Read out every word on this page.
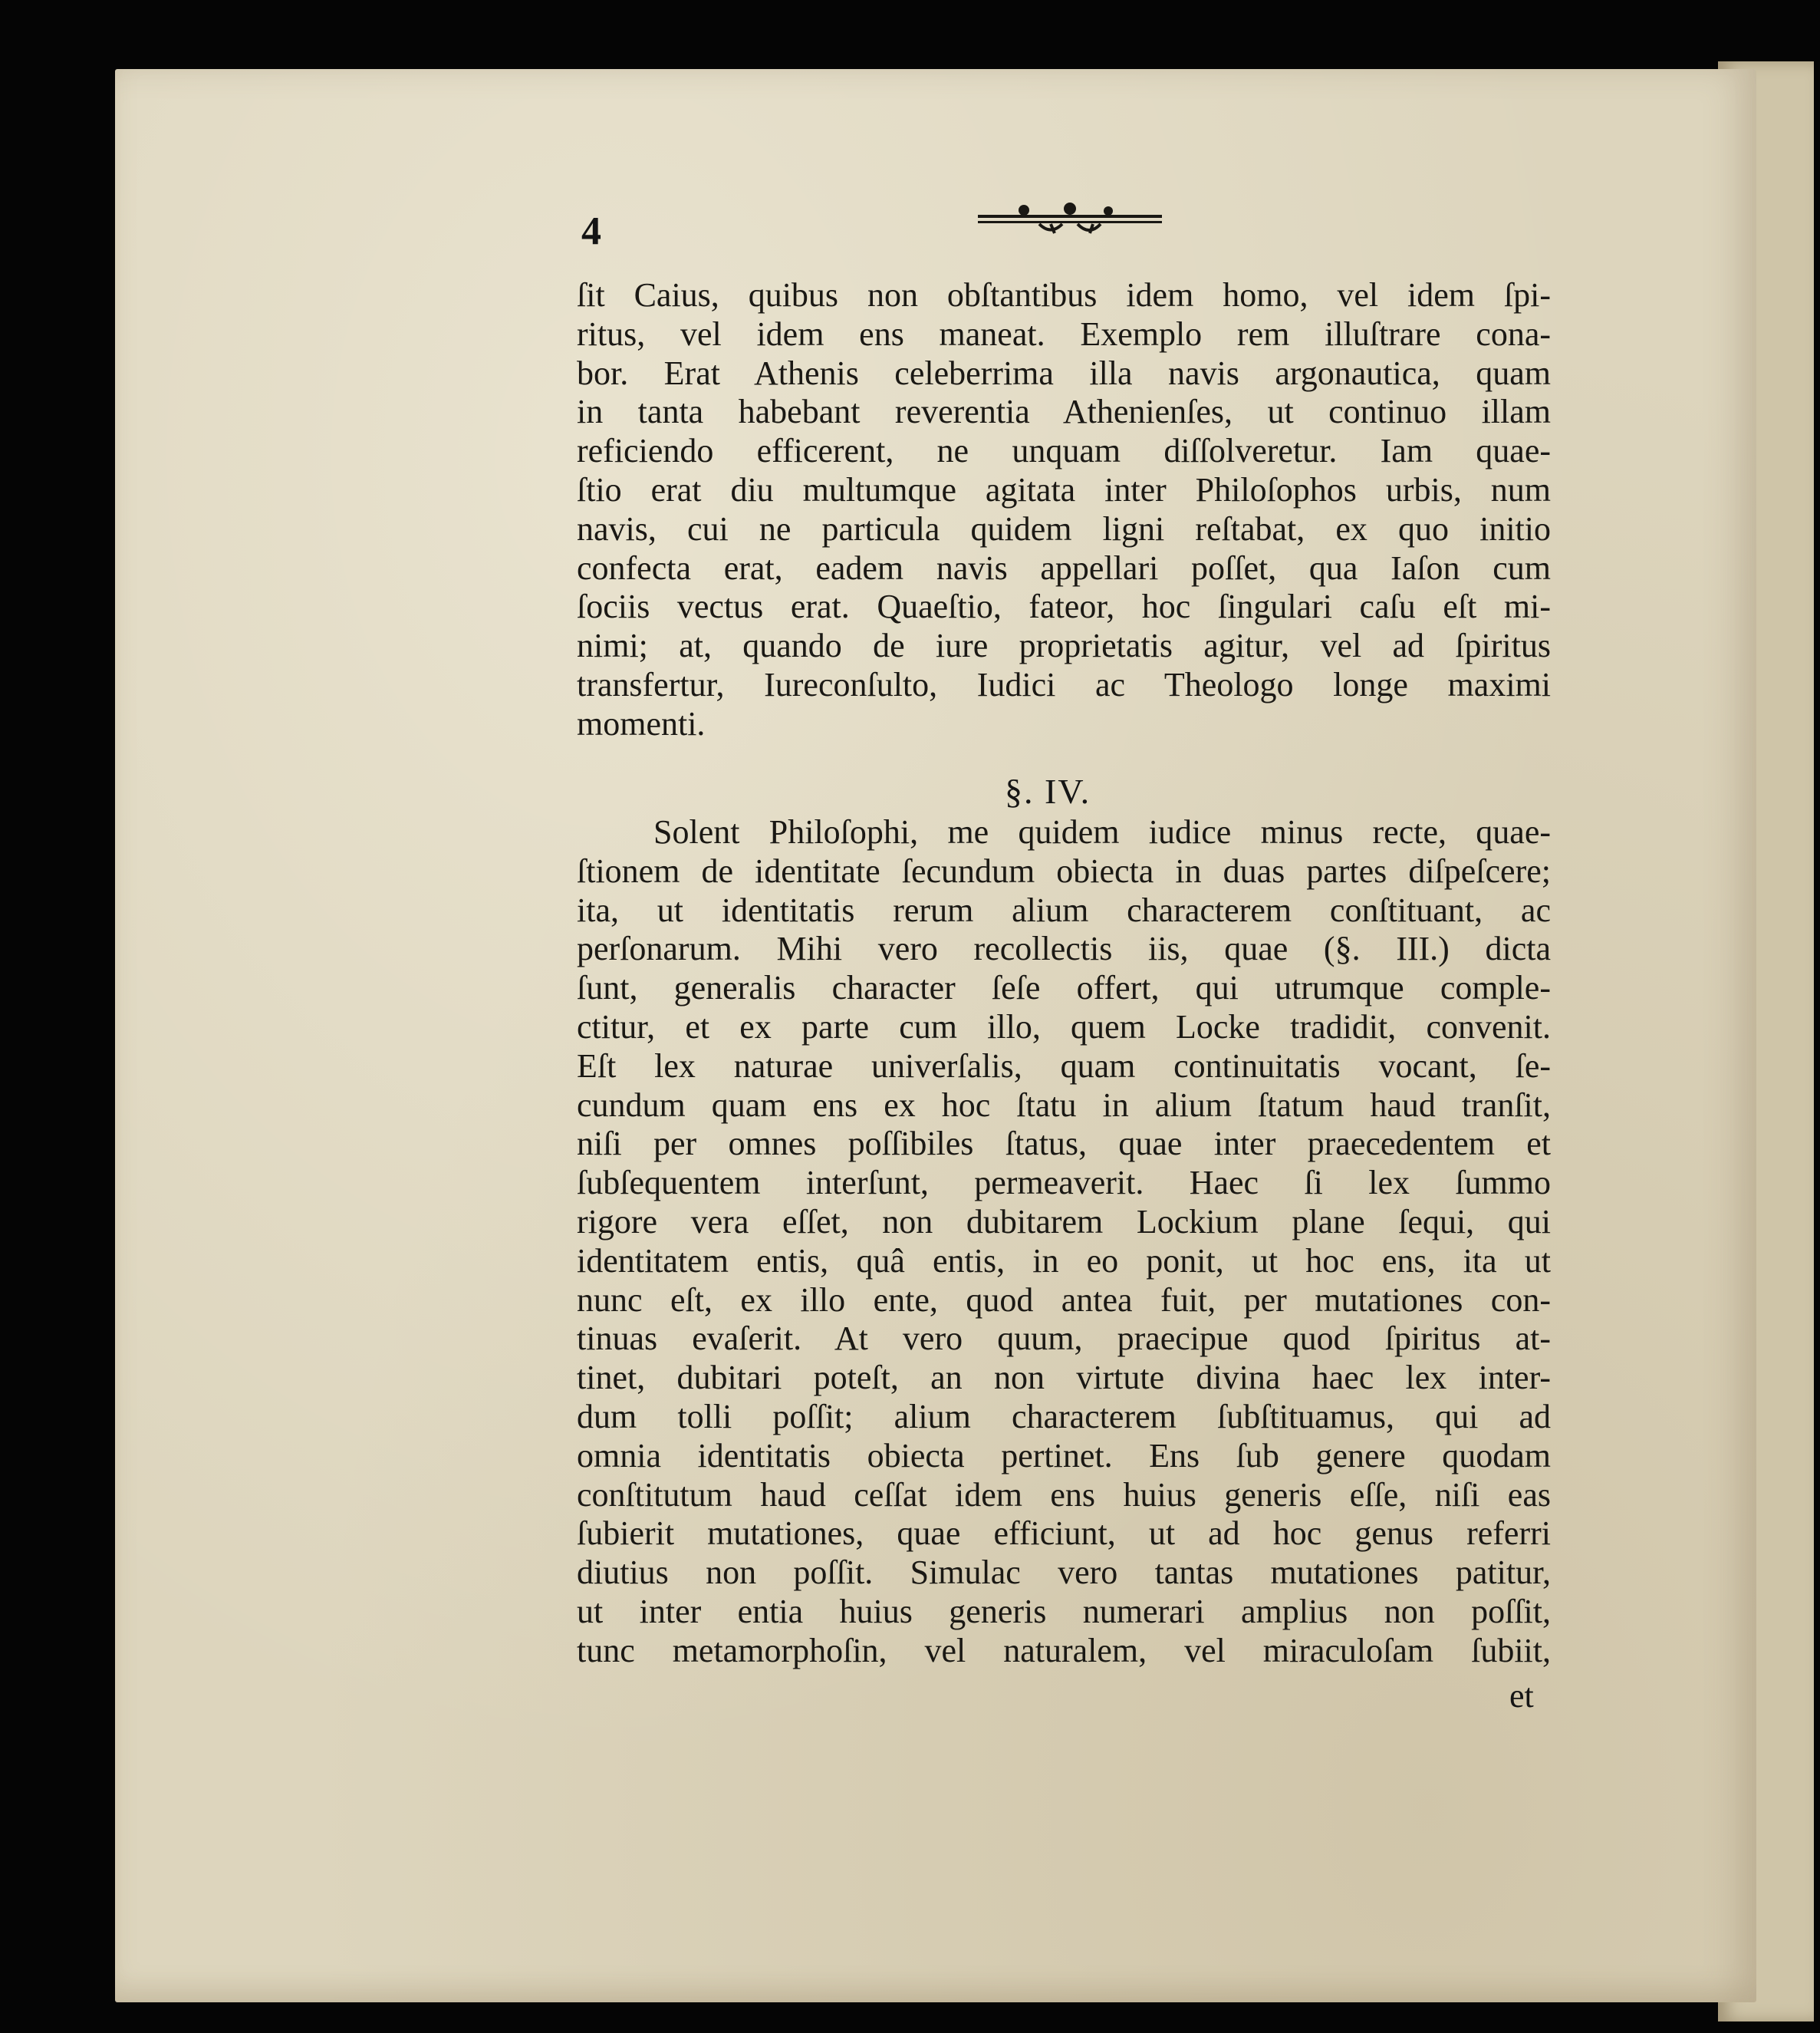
4

ſit Caius, quibus non obſtantibus idem homo, vel idem ſpi-

ritus, vel idem ens maneat. Exemplo rem illuſtrare cona-

bor. Erat Athenis celeberrima illa navis argonautica, quam

in tanta habebant reverentia Athenienſes, ut continuo illam

reficiendo efficerent, ne unquam diſſolveretur. Iam quae-

ſtio erat diu multumque agitata inter Philoſophos urbis, num

navis, cui ne particula quidem ligni reſtabat, ex quo initio

confecta erat, eadem navis appellari poſſet, qua Iaſon cum

ſociis vectus erat. Quaeſtio, fateor, hoc ſingulari caſu eſt mi-

nimi; at, quando de iure proprietatis agitur, vel ad ſpiritus

transfertur, Iureconſulto, Iudici ac Theologo longe maximi

momenti.

§. IV.

Solent Philoſophi, me quidem iudice minus recte, quae-

ſtionem de identitate ſecundum obiecta in duas partes diſpeſcere;

ita, ut identitatis rerum alium characterem conſtituant, ac

perſonarum. Mihi vero recollectis iis, quae (§. III.) dicta

ſunt, generalis character ſeſe offert, qui utrumque comple-

ctitur, et ex parte cum illo, quem Locke tradidit, convenit.

Eſt lex naturae univerſalis, quam continuitatis vocant, ſe-

cundum quam ens ex hoc ſtatu in alium ſtatum haud tranſit,

niſi per omnes poſſibiles ſtatus, quae inter praecedentem et

ſubſequentem interſunt, permeaverit. Haec ſi lex ſummo

rigore vera eſſet, non dubitarem Lockium plane ſequi, qui

identitatem entis, quâ entis, in eo ponit, ut hoc ens, ita ut

nunc eſt, ex illo ente, quod antea fuit, per mutationes con-

tinuas evaſerit. At vero quum, praecipue quod ſpiritus at-

tinet, dubitari poteſt, an non virtute divina haec lex inter-

dum tolli poſſit; alium characterem ſubſtituamus, qui ad

omnia identitatis obiecta pertinet. Ens ſub genere quodam

conſtitutum haud ceſſat idem ens huius generis eſſe, niſi eas

ſubierit mutationes, quae efficiunt, ut ad hoc genus referri

diutius non poſſit. Simulac vero tantas mutationes patitur,

ut inter entia huius generis numerari amplius non poſſit,

tunc metamorphoſin, vel naturalem, vel miraculoſam ſubiit,

et
